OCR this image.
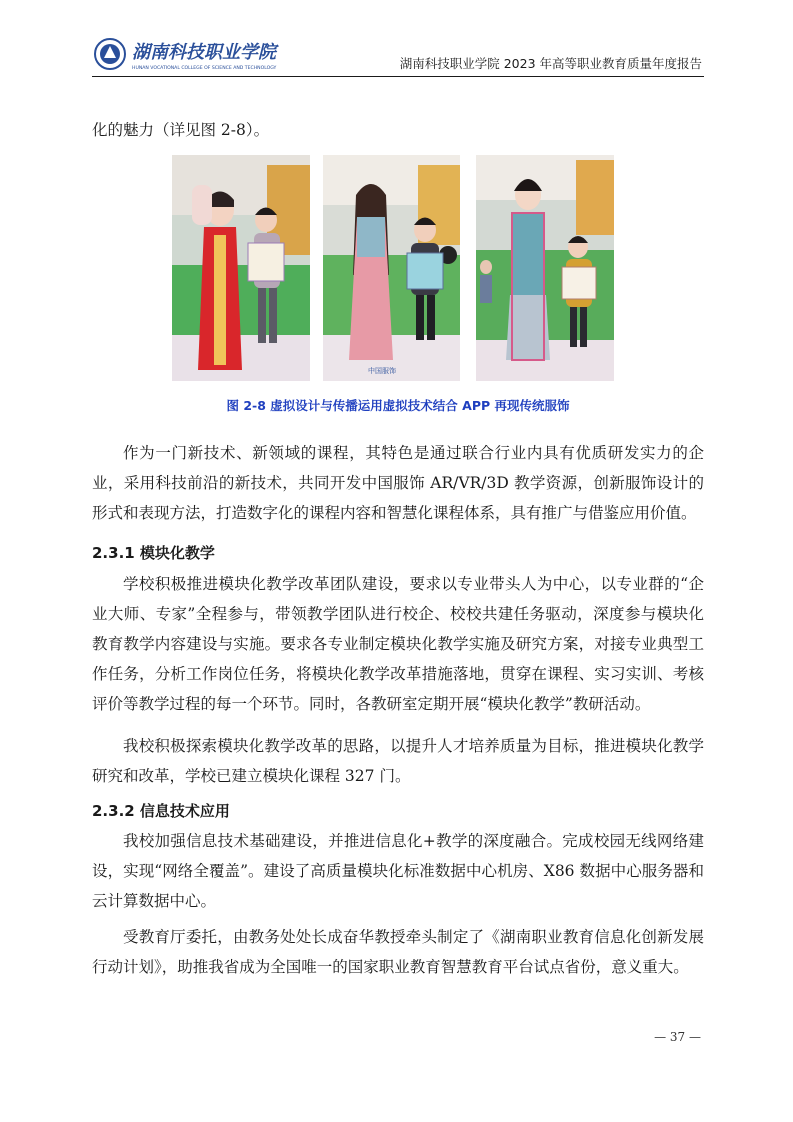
湖南科技职业学院
HUNAN VOCATIONAL COLLEGE OF SCIENCE AND TECHNOLOGY	湖南科技职业学院 2023 年高等职业教育质量年度报告

化的魅力（详见图 2-8）。

中国服饰

图 2-8 虚拟设计与传播运用虚拟技术结合 APP 再现传统服饰

作为一门新技术、新领域的课程，其特色是通过联合行业内具有优质研发实力的企业，采用科技前沿的新技术，共同开发中国服饰 AR/VR/3D 教学资源，创新服饰设计的形式和表现方法，打造数字化的课程内容和智慧化课程体系，具有推广与借鉴应用价值。

2.3.1 模块化教学

学校积极推进模块化教学改革团队建设，要求以专业带头人为中心，以专业群的“企业大师、专家”全程参与，带领教学团队进行校企、校校共建任务驱动，深度参与模块化教育教学内容建设与实施。要求各专业制定模块化教学实施及研究方案，对接专业典型工作任务，分析工作岗位任务，将模块化教学改革措施落地，贯穿在课程、实习实训、考核评价等教学过程的每一个环节。同时，各教研室定期开展“模块化教学”教研活动。

我校积极探索模块化教学改革的思路，以提升人才培养质量为目标，推进模块化教学研究和改革，学校已建立模块化课程 327 门。

2.3.2 信息技术应用

我校加强信息技术基础建设，并推进信息化+教学的深度融合。完成校园无线网络建设，实现“网络全覆盖”。建设了高质量模块化标准数据中心机房、X86 数据中心服务器和云计算数据中心。

受教育厅委托，由教务处处长成奋华教授牵头制定了《湖南职业教育信息化创新发展行动计划》，助推我省成为全国唯一的国家职业教育智慧教育平台试点省份，意义重大。

— 37 —
